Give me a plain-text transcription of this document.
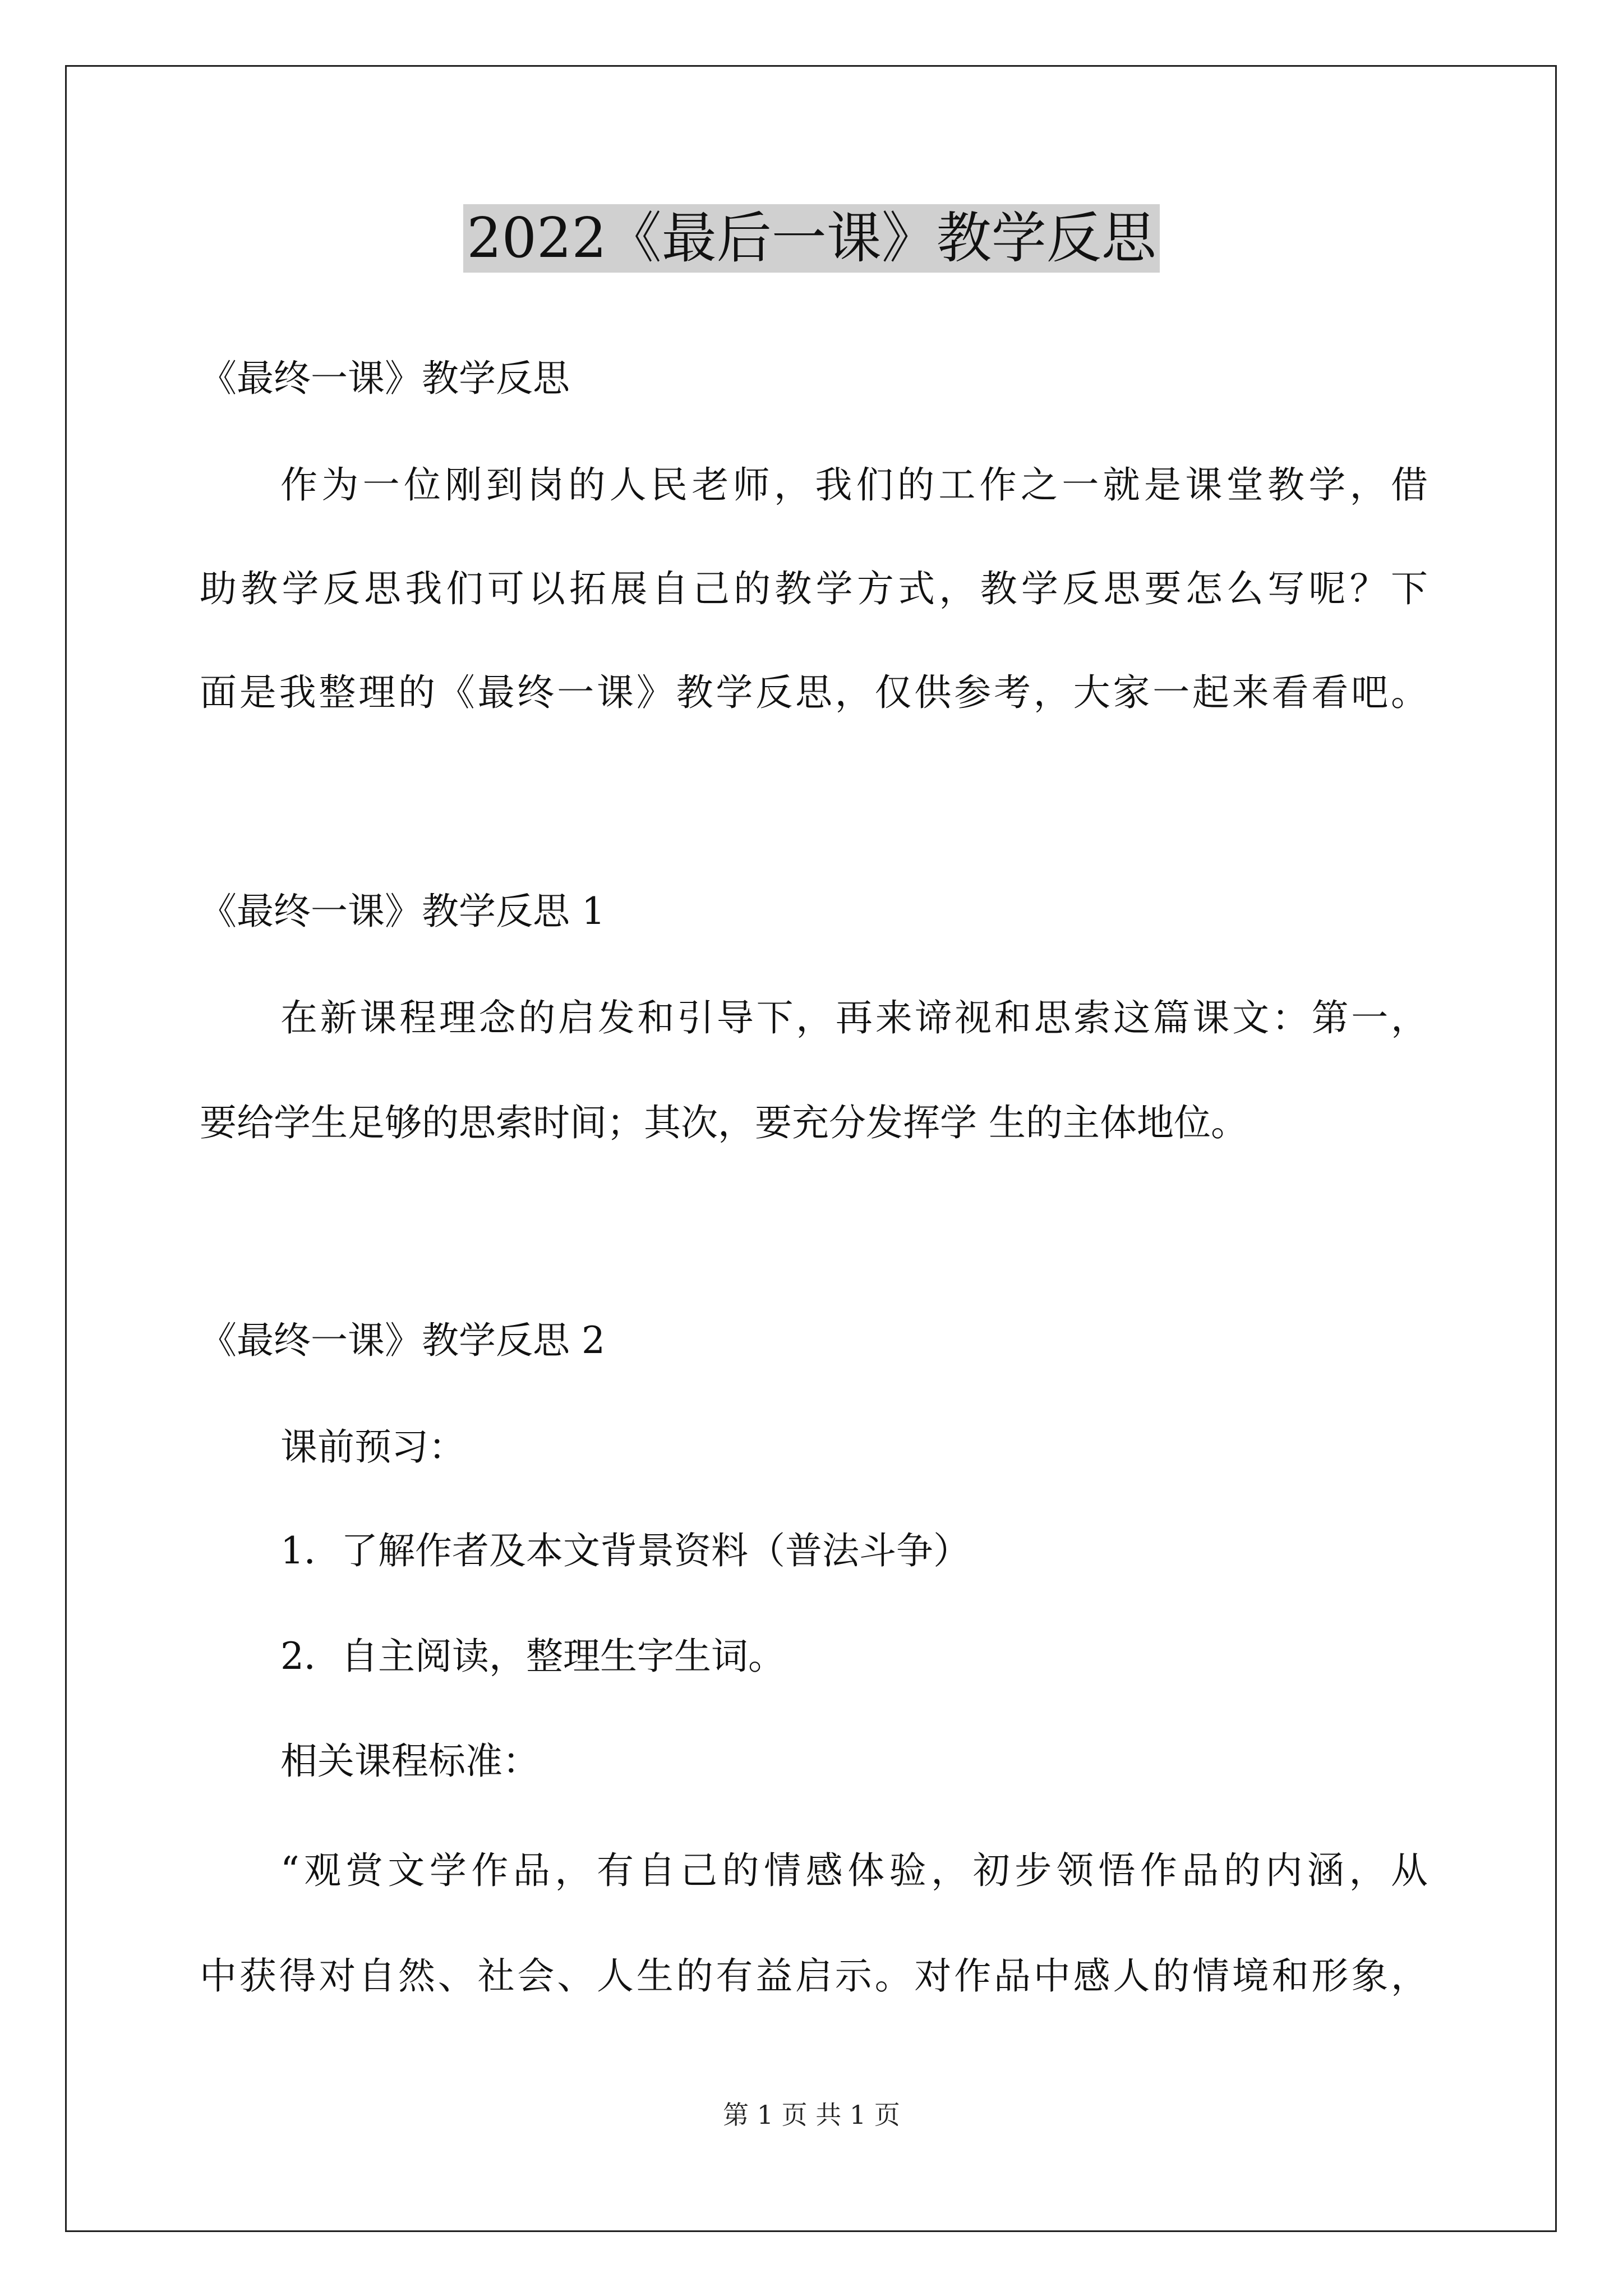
2022《最后一课》教学反思
《最终一课》教学反思
作为一位刚到岗的人民老师，我们的工作之一就是课堂教学，借
助教学反思我们可以拓展自己的教学方式，教学反思要怎么写呢？下
面是我整理的《最终一课》教学反思，仅供参考，大家一起来看看吧。
《最终一课》教学反思 1
在新课程理念的启发和引导下，再来谛视和思索这篇课文：第一，
要给学生足够的思索时间；其次，要充分发挥学 生的主体地位。
《最终一课》教学反思 2
课前预习：
1．了解作者及本文背景资料（普法斗争）
2．自主阅读，整理生字生词。
相关课程标准：
“观赏文学作品，有自己的情感体验，初步领悟作品的内涵，从
中获得对自然、社会、人生的有益启示。对作品中感人的情境和形象，
第 1 页 共 1 页
